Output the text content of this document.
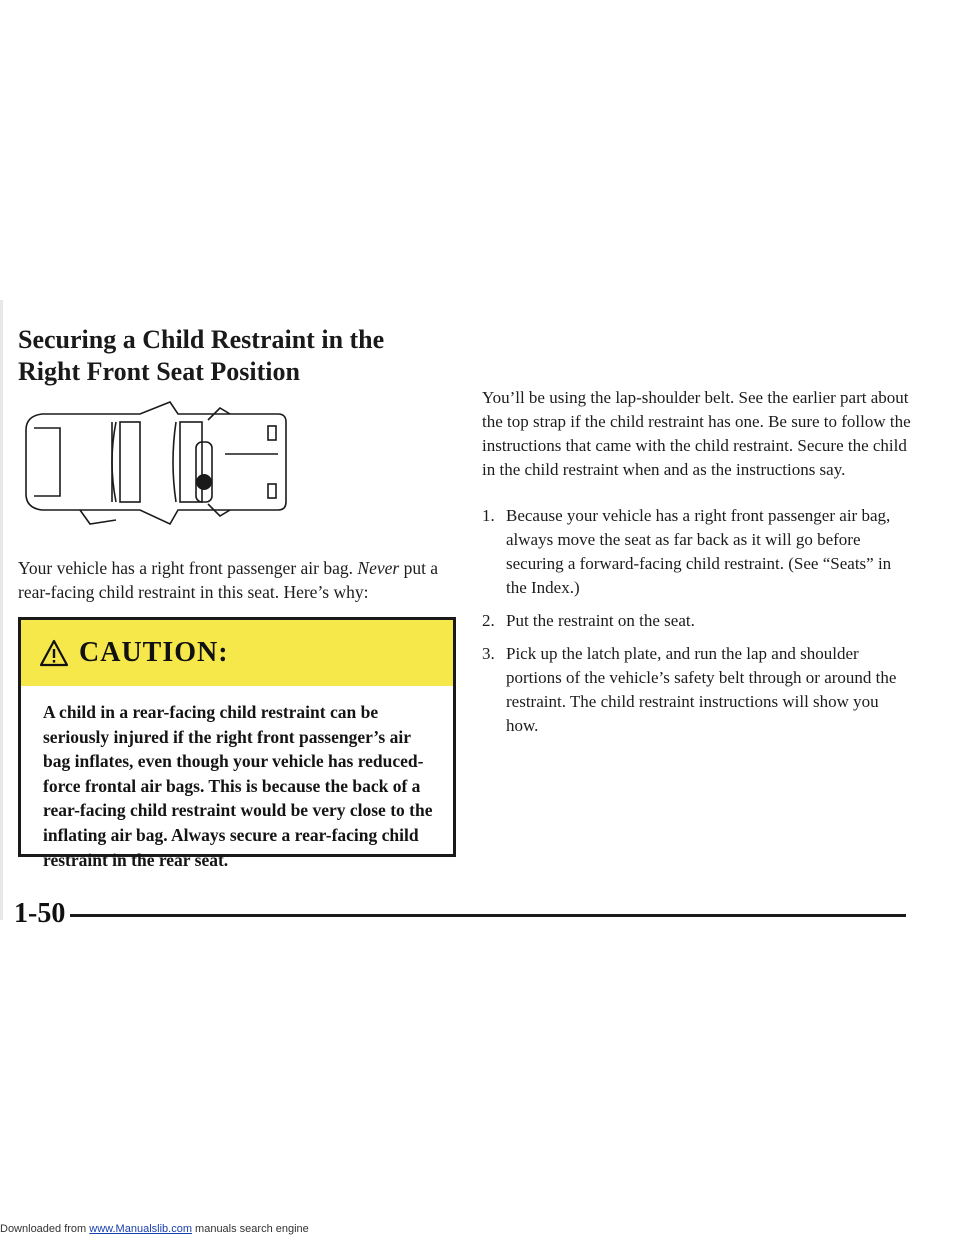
Securing a Child Restraint in the Right Front Seat Position

Your vehicle has a right front passenger air bag. Never put a rear-facing child restraint in this seat. Here’s why:

CAUTION:

A child in a rear-facing child restraint can be seriously injured if the right front passenger’s air bag inflates, even though your vehicle has reduced-force frontal air bags. This is because the back of a rear-facing child restraint would be very close to the inflating air bag. Always secure a rear-facing child restraint in the rear seat.

You’ll be using the lap-shoulder belt. See the earlier part about the top strap if the child restraint has one. Be sure to follow the instructions that came with the child restraint. Secure the child in the child restraint when and as the instructions say.

1. Because your vehicle has a right front passenger air bag, always move the seat as far back as it will go before securing a forward-facing child restraint. (See “Seats” in the Index.)
2. Put the restraint on the seat.
3. Pick up the latch plate, and run the lap and shoulder portions of the vehicle’s safety belt through or around the restraint. The child restraint instructions will show you how.

1-50

Downloaded from www.Manualslib.com manuals search engine
